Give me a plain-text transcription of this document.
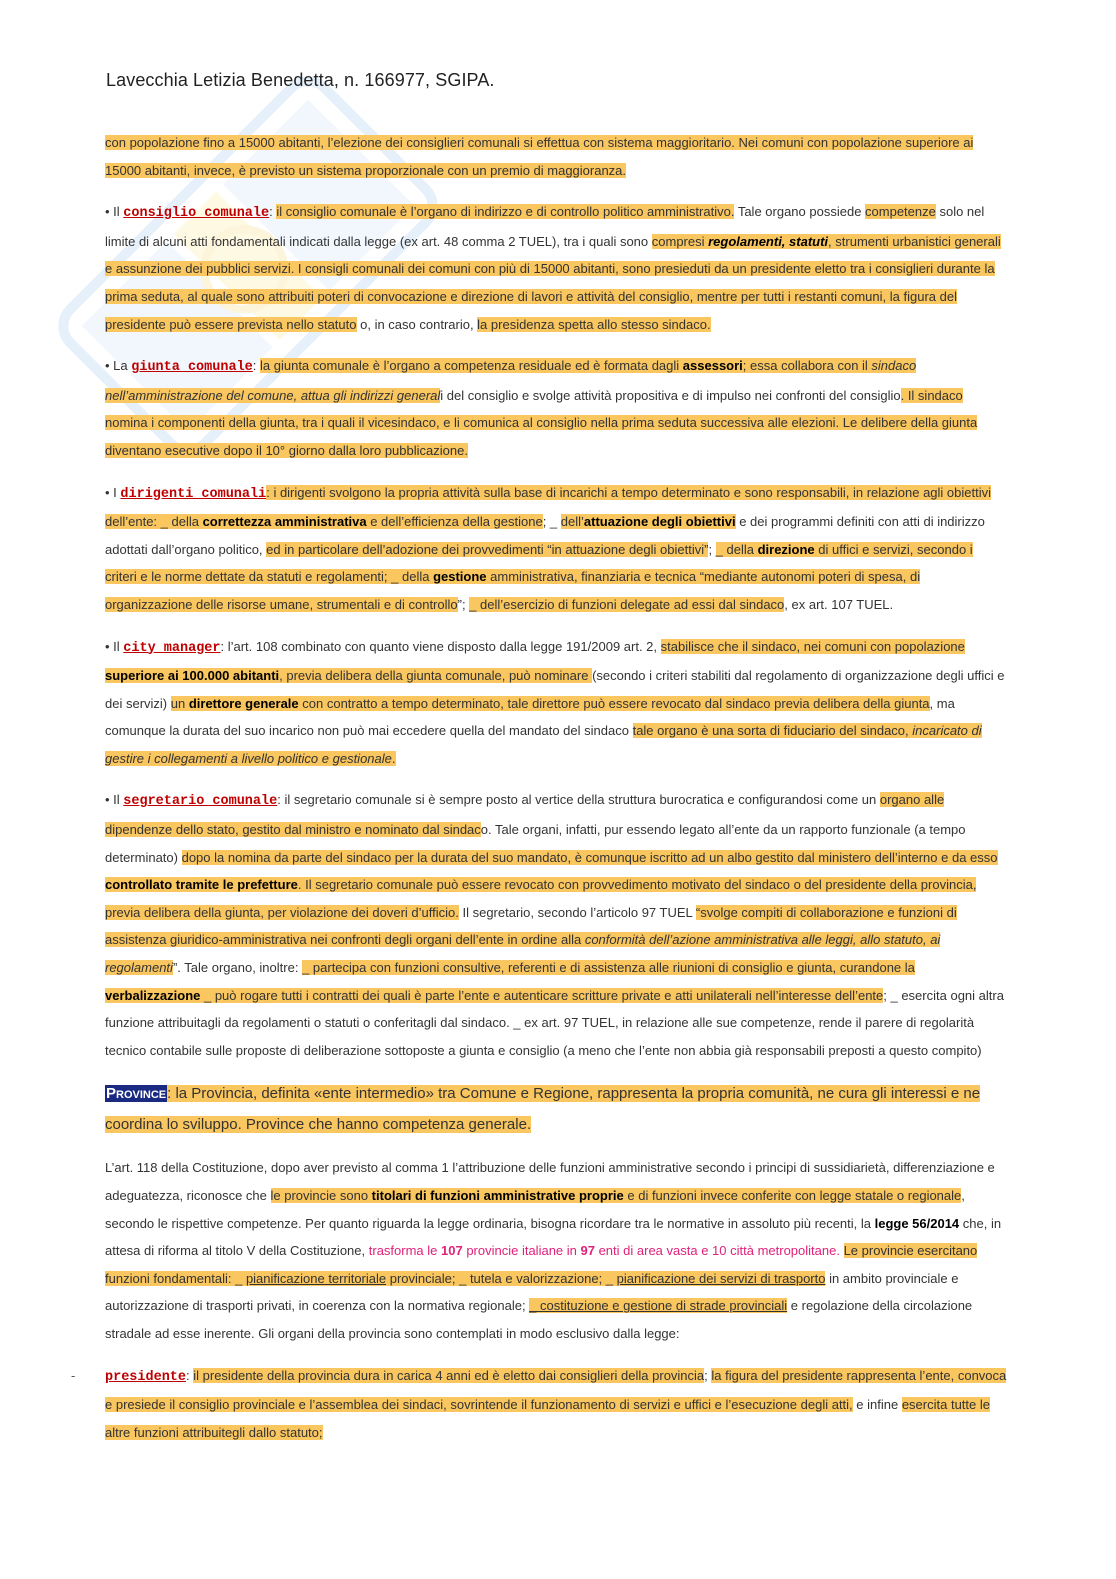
Lavecchia Letizia Benedetta, n. 166977, SGIPA.

con popolazione fino a 15000 abitanti, l’elezione dei consiglieri comunali si effettua con sistema maggioritario. Nei comuni con popolazione superiore ai 15000 abitanti, invece, è previsto un sistema proporzionale con un premio di maggioranza.

• Il consiglio comunale: il consiglio comunale è l’organo di indirizzo e di controllo politico amministrativo. Tale organo possiede competenze solo nel limite di alcuni atti fondamentali indicati dalla legge (ex art. 48 comma 2 TUEL), tra i quali sono compresi regolamenti, statuti, strumenti urbanistici generali e assunzione dei pubblici servizi. I consigli comunali dei comuni con più di 15000 abitanti, sono presieduti da un presidente eletto tra i consiglieri durante la prima seduta, al quale sono attribuiti poteri di convocazione e direzione di lavori e attività del consiglio, mentre per tutti i restanti comuni, la figura del presidente può essere prevista nello statuto o, in caso contrario, la presidenza spetta allo stesso sindaco.

• La giunta comunale: la giunta comunale è l’organo a competenza residuale ed è formata dagli assessori; essa collabora con il sindaco nell’amministrazione del comune, attua gli indirizzi generali del consiglio e svolge attività propositiva e di impulso nei confronti del consiglio. Il sindaco nomina i componenti della giunta, tra i quali il vicesindaco, e li comunica al consiglio nella prima seduta successiva alle elezioni. Le delibere della giunta diventano esecutive dopo il 10° giorno dalla loro pubblicazione.

• I dirigenti comunali: i dirigenti svolgono la propria attività sulla base di incarichi a tempo determinato e sono responsabili, in relazione agli obiettivi dell’ente: _ della correttezza amministrativa e dell’efficienza della gestione; _ dell’attuazione degli obiettivi e dei programmi definiti con atti di indirizzo adottati dall’organo politico, ed in particolare dell’adozione dei provvedimenti “in attuazione degli obiettivi”; _ della direzione di uffici e servizi, secondo i criteri e le norme dettate da statuti e regolamenti; _ della gestione amministrativa, finanziaria e tecnica “mediante autonomi poteri di spesa, di organizzazione delle risorse umane, strumentali e di controllo”; _ dell’esercizio di funzioni delegate ad essi dal sindaco, ex art. 107 TUEL.

• Il city manager: l’art. 108 combinato con quanto viene disposto dalla legge 191/2009 art. 2, stabilisce che il sindaco, nei comuni con popolazione superiore ai 100.000 abitanti, previa delibera della giunta comunale, può nominare (secondo i criteri stabiliti dal regolamento di organizzazione degli uffici e dei servizi) un direttore generale con contratto a tempo determinato, tale direttore può essere revocato dal sindaco previa delibera della giunta, ma comunque la durata del suo incarico non può mai eccedere quella del mandato del sindaco tale organo è una sorta di fiduciario del sindaco, incaricato di gestire i collegamenti a livello politico e gestionale.

• Il segretario comunale: il segretario comunale si è sempre posto al vertice della struttura burocratica e configurandosi come un organo alle dipendenze dello stato, gestito dal ministro e nominato dal sindaco. Tale organi, infatti, pur essendo legato all’ente da un rapporto funzionale (a tempo determinato) dopo la nomina da parte del sindaco per la durata del suo mandato, è comunque iscritto ad un albo gestito dal ministero dell’interno e da esso controllato tramite le prefetture. Il segretario comunale può essere revocato con provvedimento motivato del sindaco o del presidente della provincia, previa delibera della giunta, per violazione dei doveri d’ufficio. Il segretario, secondo l’articolo 97 TUEL “svolge compiti di collaborazione e funzioni di assistenza giuridico-amministrativa nei confronti degli organi dell’ente in ordine alla conformità dell’azione amministrativa alle leggi, allo statuto, ai regolamenti”. Tale organo, inoltre: _ partecipa con funzioni consultive, referenti e di assistenza alle riunioni di consiglio e giunta, curandone la verbalizzazione _ può rogare tutti i contratti dei quali è parte l’ente e autenticare scritture private e atti unilaterali nell’interesse dell’ente; _ esercita ogni altra funzione attribuitagli da regolamenti o statuti o conferitagli dal sindaco. _ ex art. 97 TUEL, in relazione alle sue competenze, rende il parere di regolarità tecnico contabile sulle proposte di deliberazione sottoposte a giunta e consiglio (a meno che l’ente non abbia già responsabili preposti a questo compito)

Province: la Provincia, definita «ente intermedio» tra Comune e Regione, rappresenta la propria comunità, ne cura gli interessi e ne coordina lo sviluppo. Province che hanno competenza generale.

L’art. 118 della Costituzione, dopo aver previsto al comma 1 l’attribuzione delle funzioni amministrative secondo i principi di sussidiarietà, differenziazione e adeguatezza, riconosce che le provincie sono titolari di funzioni amministrative proprie e di funzioni invece conferite con legge statale o regionale, secondo le rispettive competenze. Per quanto riguarda la legge ordinaria, bisogna ricordare tra le normative in assoluto più recenti, la legge 56/2014 che, in attesa di riforma al titolo V della Costituzione, trasforma le 107 provincie italiane in 97 enti di area vasta e 10 città metropolitane. Le provincie esercitano funzioni fondamentali: _ pianificazione territoriale provinciale; _ tutela e valorizzazione; _ pianificazione dei servizi di trasporto in ambito provinciale e autorizzazione di trasporti privati, in coerenza con la normativa regionale; _ costituzione e gestione di strade provinciali e regolazione della circolazione stradale ad esse inerente. Gli organi della provincia sono contemplati in modo esclusivo dalla legge:

- presidente: il presidente della provincia dura in carica 4 anni ed è eletto dai consiglieri della provincia; la figura del presidente rappresenta l’ente, convoca e presiede il consiglio provinciale e l’assemblea dei sindaci, sovrintende il funzionamento di servizi e uffici e l’esecuzione degli atti, e infine esercita tutte le altre funzioni attribuitegli dallo statuto;
